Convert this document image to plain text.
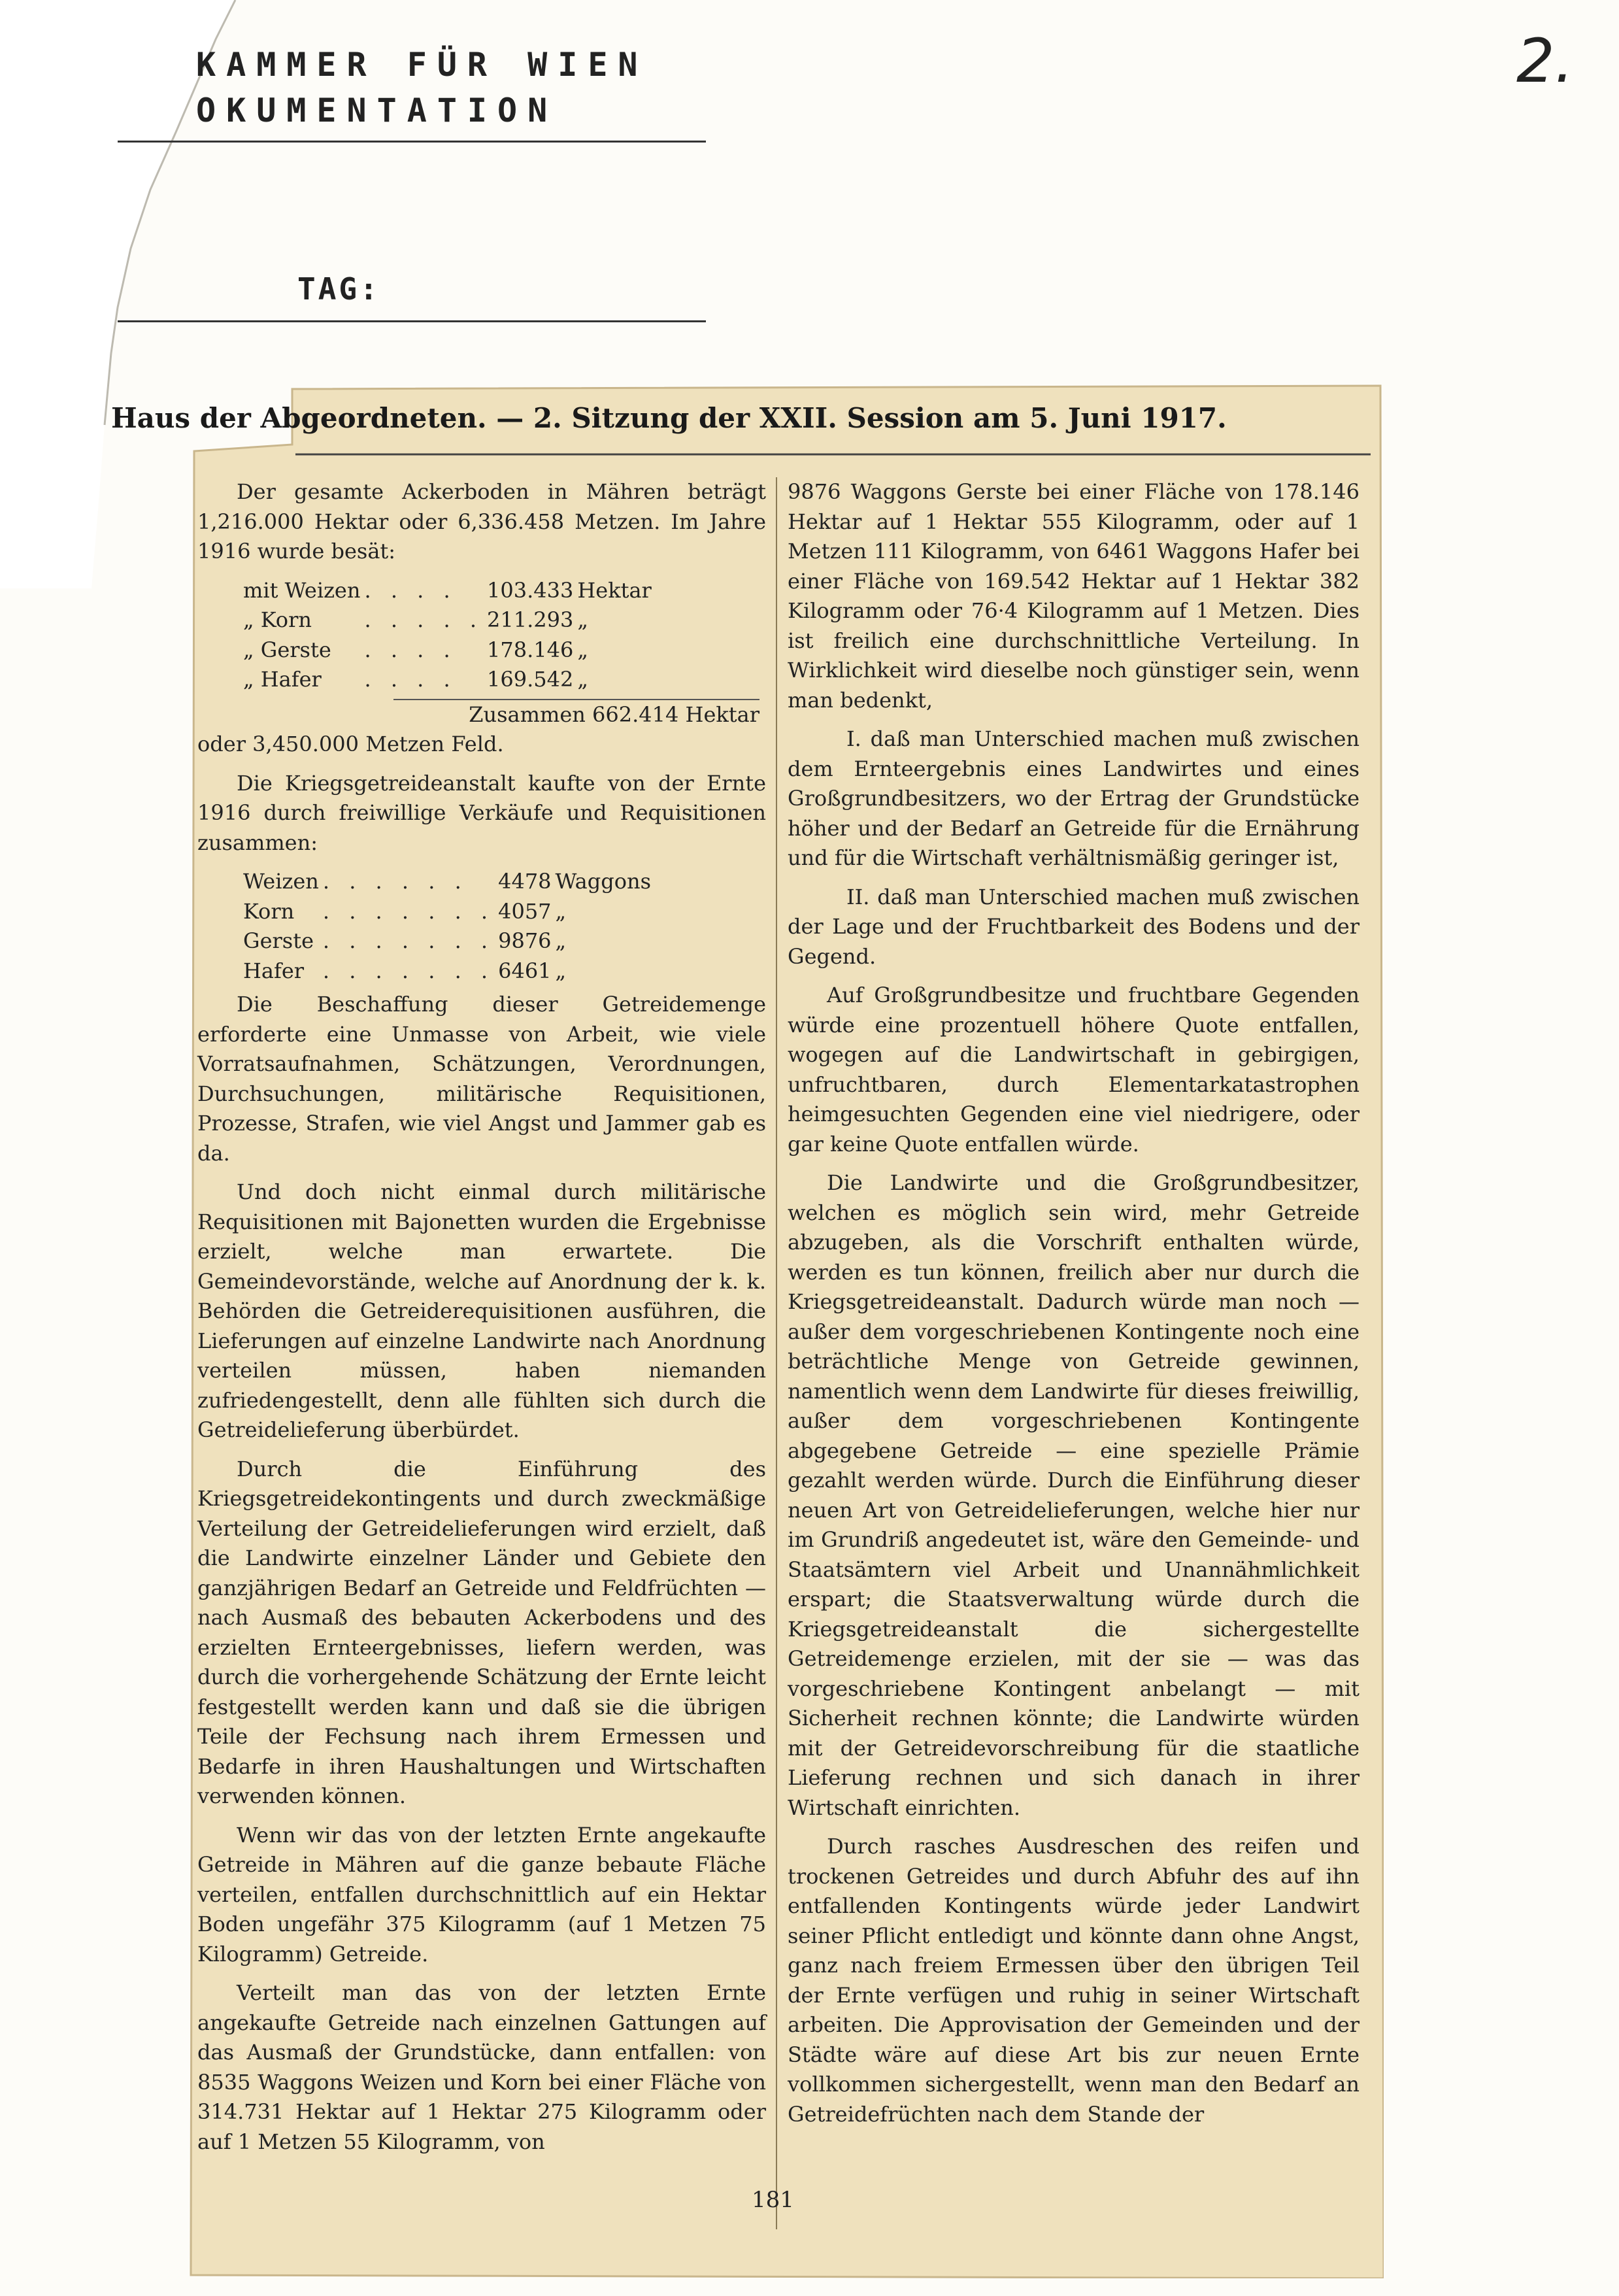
KAMMER FÜR WIEN
OKUMENTATION
TAG:
2.
Haus der Abgeordneten. — 2. Sitzung der XXII. Session am 5. Juni 1917.

Der gesamte Ackerboden in Mähren beträgt 1,216.000 Hektar oder 6,336.458 Metzen. Im Jahre 1916 wurde besät:

mit Weizen	. . . .	103.433	Hektar
„ Korn	. . . . .	211.293	„
„ Gerste	. . . .	178.146	„
„ Hafer	. . . .	169.542	„

Zusammen 662.414 Hektar

oder 3,450.000 Metzen Feld.

Die Kriegsgetreideanstalt kaufte von der Ernte 1916 durch freiwillige Verkäufe und Requisitionen zusammen:

Weizen	. . . . . .	4478	Waggons
Korn	. . . . . . .	4057	„
Gerste	. . . . . . .	9876	„
Hafer	. . . . . . .	6461	„

Die Beschaffung dieser Getreidemenge erforderte eine Unmasse von Arbeit, wie viele Vorratsaufnahmen, Schätzungen, Verordnungen, Durchsuchungen, militärische Requisitionen, Prozesse, Strafen, wie viel Angst und Jammer gab es da.

Und doch nicht einmal durch militärische Requisitionen mit Bajonetten wurden die Ergebnisse erzielt, welche man erwartete. Die Gemeindevorstände, welche auf Anordnung der k. k. Behörden die Getreiderequisitionen ausführen, die Lieferungen auf einzelne Landwirte nach Anordnung verteilen müssen, haben niemanden zufriedengestellt, denn alle fühlten sich durch die Getreidelieferung überbürdet.

Durch die Einführung des Kriegsgetreidekontingents und durch zweckmäßige Verteilung der Getreidelieferungen wird erzielt, daß die Landwirte einzelner Länder und Gebiete den ganzjährigen Bedarf an Getreide und Feldfrüchten — nach Ausmaß des bebauten Ackerbodens und des erzielten Ernteergebnisses, liefern werden, was durch die vorhergehende Schätzung der Ernte leicht festgestellt werden kann und daß sie die übrigen Teile der Fechsung nach ihrem Ermessen und Bedarfe in ihren Haushaltungen und Wirtschaften verwenden können.

Wenn wir das von der letzten Ernte angekaufte Getreide in Mähren auf die ganze bebaute Fläche verteilen, entfallen durchschnittlich auf ein Hektar Boden ungefähr 375 Kilogramm (auf 1 Metzen 75 Kilogramm) Getreide.

Verteilt man das von der letzten Ernte angekaufte Getreide nach einzelnen Gattungen auf das Ausmaß der Grundstücke, dann entfallen: von 8535 Waggons Weizen und Korn bei einer Fläche von 314.731 Hektar auf 1 Hektar 275 Kilogramm oder auf 1 Metzen 55 Kilogramm, von

9876 Waggons Gerste bei einer Fläche von 178.146 Hektar auf 1 Hektar 555 Kilogramm, oder auf 1 Metzen 111 Kilogramm, von 6461 Waggons Hafer bei einer Fläche von 169.542 Hektar auf 1 Hektar 382 Kilogramm oder 76·4 Kilogramm auf 1 Metzen. Dies ist freilich eine durchschnittliche Verteilung. In Wirklichkeit wird dieselbe noch günstiger sein, wenn man bedenkt,

I. daß man Unterschied machen muß zwischen dem Ernteergebnis eines Landwirtes und eines Großgrundbesitzers, wo der Ertrag der Grundstücke höher und der Bedarf an Getreide für die Ernährung und für die Wirtschaft verhältnismäßig geringer ist,

II. daß man Unterschied machen muß zwischen der Lage und der Fruchtbarkeit des Bodens und der Gegend.

Auf Großgrundbesitze und fruchtbare Gegenden würde eine prozentuell höhere Quote entfallen, wogegen auf die Landwirtschaft in gebirgigen, unfruchtbaren, durch Elementarkatastrophen heimgesuchten Gegenden eine viel niedrigere, oder gar keine Quote entfallen würde.

Die Landwirte und die Großgrundbesitzer, welchen es möglich sein wird, mehr Getreide abzugeben, als die Vorschrift enthalten würde, werden es tun können, freilich aber nur durch die Kriegsgetreideanstalt. Dadurch würde man noch — außer dem vorgeschriebenen Kontingente noch eine beträchtliche Menge von Getreide gewinnen, namentlich wenn dem Landwirte für dieses freiwillig, außer dem vorgeschriebenen Kontingente abgegebene Getreide — eine spezielle Prämie gezahlt werden würde. Durch die Einführung dieser neuen Art von Getreidelieferungen, welche hier nur im Grundriß angedeutet ist, wäre den Gemeinde- und Staatsämtern viel Arbeit und Unannähmlichkeit erspart; die Staatsverwaltung würde durch die Kriegsgetreideanstalt die sichergestellte Getreidemenge erzielen, mit der sie — was das vorgeschriebene Kontingent anbelangt — mit Sicherheit rechnen könnte; die Landwirte würden mit der Getreidevorschreibung für die staatliche Lieferung rechnen und sich danach in ihrer Wirtschaft einrichten.

Durch rasches Ausdreschen des reifen und trockenen Getreides und durch Abfuhr des auf ihn entfallenden Kontingents würde jeder Landwirt seiner Pflicht entledigt und könnte dann ohne Angst, ganz nach freiem Ermessen über den übrigen Teil der Ernte verfügen und ruhig in seiner Wirtschaft arbeiten. Die Approvisation der Gemeinden und der Städte wäre auf diese Art bis zur neuen Ernte vollkommen sichergestellt, wenn man den Bedarf an Getreidefrüchten nach dem Stande der

181
